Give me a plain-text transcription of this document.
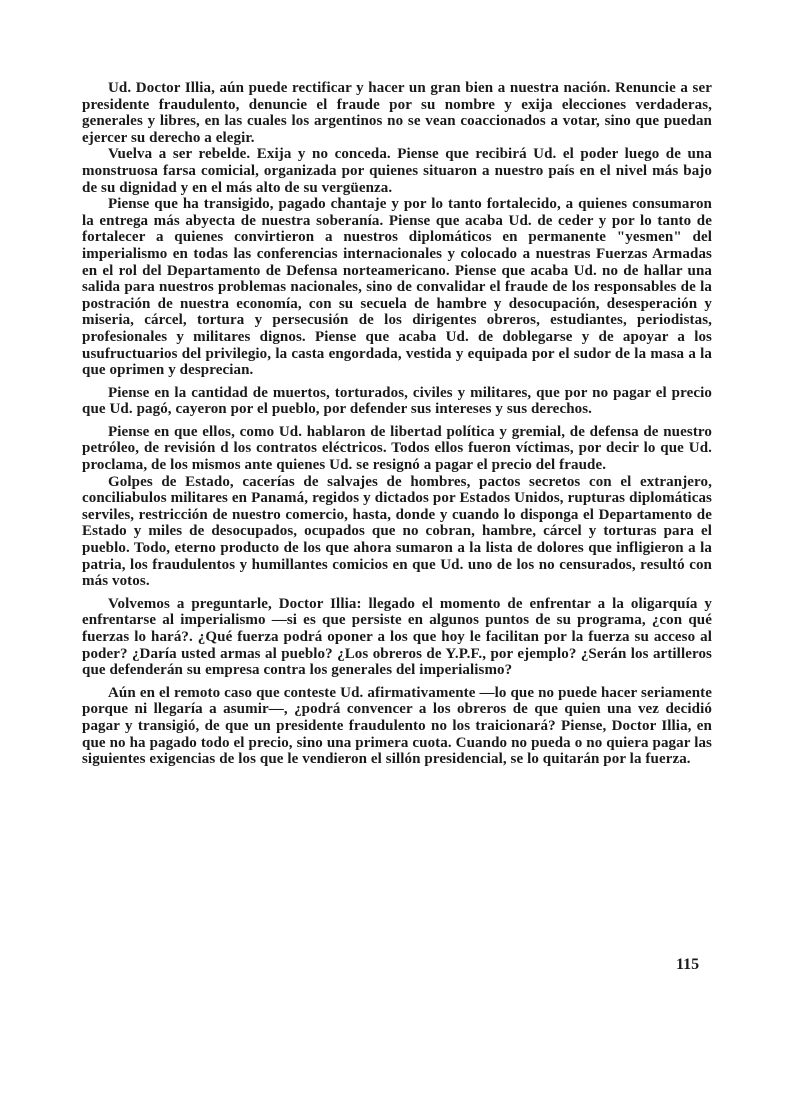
Ud. Doctor Illia, aún puede rectificar y hacer un gran bien a nuestra nación. Renuncie a ser presidente fraudulento, denuncie el fraude por su nombre y exija elecciones verdaderas, generales y libres, en las cuales los argentinos no se vean coaccionados a votar, sino que puedan ejercer su derecho a elegir.

Vuelva a ser rebelde. Exija y no conceda. Piense que recibirá Ud. el poder luego de una monstruosa farsa comicial, organizada por quienes situaron a nuestro país en el nivel más bajo de su dignidad y en el más alto de su vergüenza.

Piense que ha transigido, pagado chantaje y por lo tanto fortalecido, a quienes consumaron la entrega más abyecta de nuestra soberanía. Piense que acaba Ud. de ceder y por lo tanto de fortalecer a quienes convirtieron a nuestros diplomáticos en permanente "yesmen" del imperialismo en todas las conferencias internacionales y colocado a nuestras Fuerzas Armadas en el rol del Departamento de Defensa norteamericano. Piense que acaba Ud. no de hallar una salida para nuestros problemas nacionales, sino de convalidar el fraude de los responsables de la postración de nuestra economía, con su secuela de hambre y desocupación, desesperación y miseria, cárcel, tortura y persecusión de los dirigentes obreros, estudiantes, periodistas, profesionales y militares dignos. Piense que acaba Ud. de doblegarse y de apoyar a los usufructuarios del privilegio, la casta engordada, vestida y equipada por el sudor de la masa a la que oprimen y desprecian.

Piense en la cantidad de muertos, torturados, civiles y militares, que por no pagar el precio que Ud. pagó, cayeron por el pueblo, por defender sus intereses y sus derechos.

Piense en que ellos, como Ud. hablaron de libertad política y gremial, de defensa de nuestro petróleo, de revisión d los contratos eléctricos. Todos ellos fueron víctimas, por decir lo que Ud. proclama, de los mismos ante quienes Ud. se resignó a pagar el precio del fraude.

Golpes de Estado, cacerías de salvajes de hombres, pactos secretos con el extranjero, conciliabulos militares en Panamá, regidos y dictados por Estados Unidos, rupturas diplomáticas serviles, restricción de nuestro comercio, hasta, donde y cuando lo disponga el Departamento de Estado y miles de desocupados, ocupados que no cobran, hambre, cárcel y torturas para el pueblo. Todo, eterno producto de los que ahora sumaron a la lista de dolores que infligieron a la patria, los fraudulentos y humillantes comicios en que Ud. uno de los no censurados, resultó con más votos.

Volvemos a preguntarle, Doctor Illia: llegado el momento de enfrentar a la oligarquía y enfrentarse al imperialismo —si es que persiste en algunos puntos de su programa, ¿con qué fuerzas lo hará?. ¿Qué fuerza podrá oponer a los que hoy le facilitan por la fuerza su acceso al poder? ¿Daría usted armas al pueblo? ¿Los obreros de Y.P.F., por ejemplo? ¿Serán los artilleros que defenderán su empresa contra los generales del imperialismo?

Aún en el remoto caso que conteste Ud. afirmativamente —lo que no puede hacer seriamente porque ni llegaría a asumir—, ¿podrá convencer a los obreros de que quien una vez decidió pagar y transigió, de que un presidente fraudulento no los traicionará? Piense, Doctor Illia, en que no ha pagado todo el precio, sino una primera cuota. Cuando no pueda o no quiera pagar las siguientes exigencias de los que le vendieron el sillón presidencial, se lo quitarán por la fuerza.

115
